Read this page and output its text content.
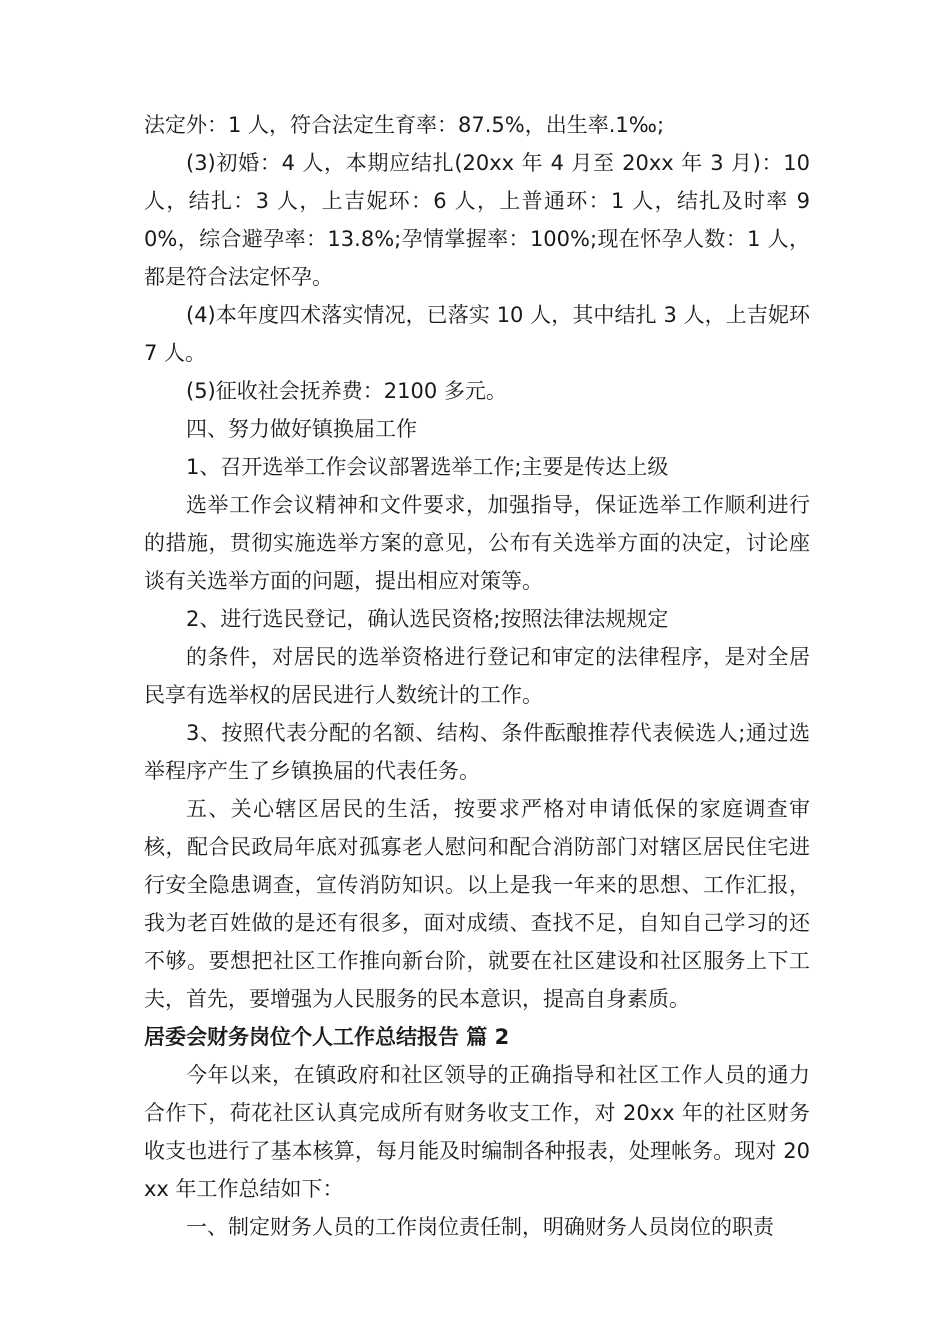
法定外：1 人，符合法定生育率：87.5%，出生率.1‰;

(3)初婚：4 人，本期应结扎(20xx 年 4 月至 20xx 年 3 月)：10 人，结扎：3 人，上吉妮环：6 人，上普通环：1 人，结扎及时率 90%，综合避孕率：13.8%;孕情掌握率：100%;现在怀孕人数：1 人，都是符合法定怀孕。

(4)本年度四术落实情况，已落实 10 人，其中结扎 3 人，上吉妮环 7 人。

(5)征收社会抚养费：2100 多元。

四、努力做好镇换届工作

1、召开选举工作会议部署选举工作;主要是传达上级

选举工作会议精神和文件要求，加强指导，保证选举工作顺利进行的措施，贯彻实施选举方案的意见，公布有关选举方面的决定，讨论座谈有关选举方面的问题，提出相应对策等。

2、进行选民登记，确认选民资格;按照法律法规规定

的条件，对居民的选举资格进行登记和审定的法律程序，是对全居民享有选举权的居民进行人数统计的工作。

3、按照代表分配的名额、结构、条件酝酿推荐代表候选人;通过选举程序产生了乡镇换届的代表任务。

五、关心辖区居民的生活，按要求严格对申请低保的家庭调查审核，配合民政局年底对孤寡老人慰问和配合消防部门对辖区居民住宅进行安全隐患调查，宣传消防知识。以上是我一年来的思想、工作汇报，我为老百姓做的是还有很多，面对成绩、查找不足，自知自己学习的还不够。要想把社区工作推向新台阶，就要在社区建设和社区服务上下工夫，首先，要增强为人民服务的民本意识，提高自身素质。

居委会财务岗位个人工作总结报告 篇 2

今年以来，在镇政府和社区领导的正确指导和社区工作人员的通力合作下，荷花社区认真完成所有财务收支工作，对 20xx 年的社区财务收支也进行了基本核算，每月能及时编制各种报表，处理帐务。现对 20xx 年工作总结如下：

一、制定财务人员的工作岗位责任制，明确财务人员岗位的职责
